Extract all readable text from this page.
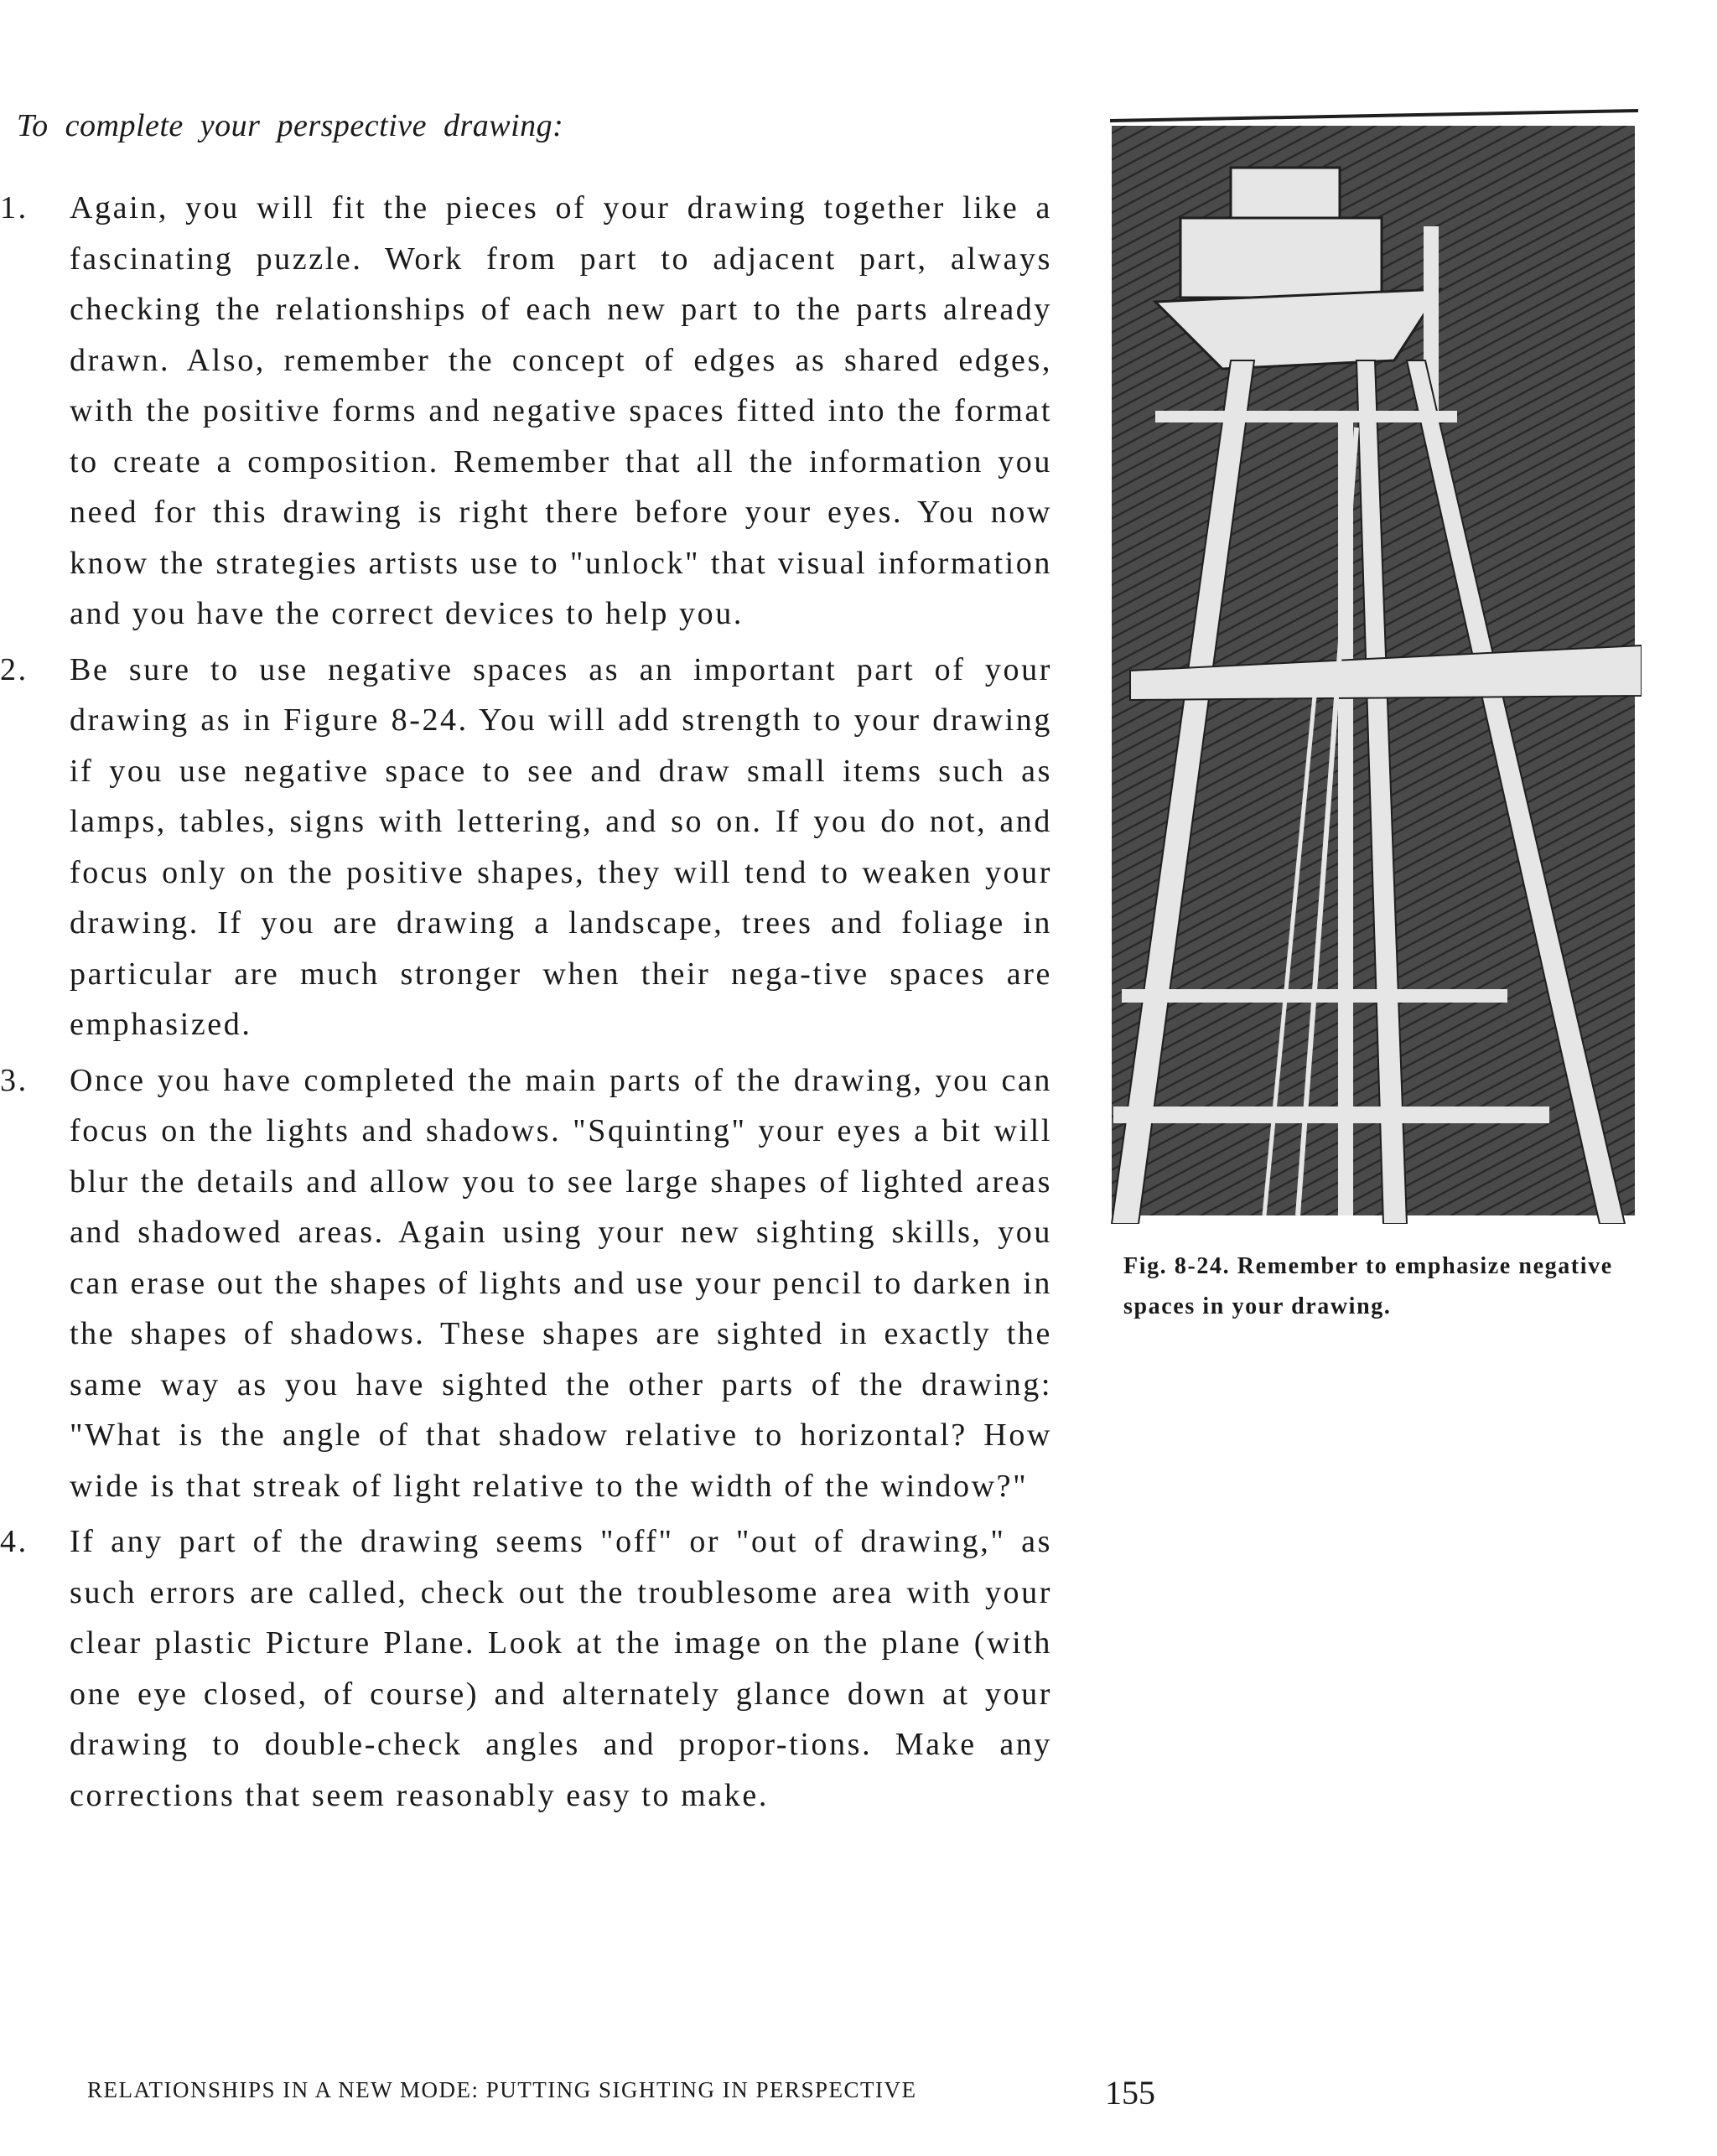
To complete your perspective drawing:

1.	Again, you will fit the pieces of your drawing together like a fascinating puzzle. Work from part to adjacent part, always checking the relationships of each new part to the parts already drawn. Also, remember the concept of edges as shared edges, with the positive forms and negative spaces fitted into the format to create a composition. Remember that all the information you need for this drawing is right there before your eyes. You now know the strategies artists use to "unlock" that visual information and you have the correct devices to help you.
2.	Be sure to use negative spaces as an important part of your drawing as in Figure 8-24. You will add strength to your drawing if you use negative space to see and draw small items such as lamps, tables, signs with lettering, and so on. If you do not, and focus only on the positive shapes, they will tend to weaken your drawing. If you are drawing a landscape, trees and foliage in particular are much stronger when their nega-tive spaces are emphasized.
3.	Once you have completed the main parts of the drawing, you can focus on the lights and shadows. "Squinting" your eyes a bit will blur the details and allow you to see large shapes of lighted areas and shadowed areas. Again using your new sighting skills, you can erase out the shapes of lights and use your pencil to darken in the shapes of shadows. These shapes are sighted in exactly the same way as you have sighted the other parts of the drawing: "What is the angle of that shadow relative to horizontal? How wide is that streak of light relative to the width of the window?"
4.	If any part of the drawing seems "off" or "out of drawing," as such errors are called, check out the troublesome area with your clear plastic Picture Plane. Look at the image on the plane (with one eye closed, of course) and alternately glance down at your drawing to double-check angles and propor-tions. Make any corrections that seem reasonably easy to make.

Fig. 8-24. Remember to emphasize negative spaces in your drawing.

RELATIONSHIPS IN A NEW MODE: PUTTING SIGHTING IN PERSPECTIVE	155
